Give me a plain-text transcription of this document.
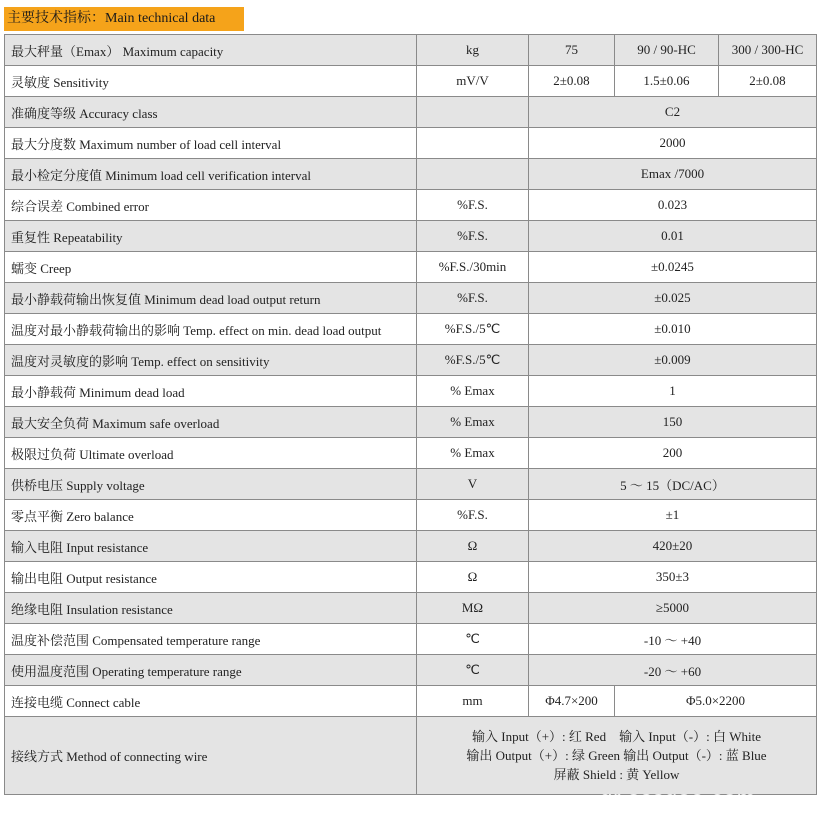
主要技术指标：Main technical data
最大秤量（Emax） Maximum capacity	kg	75	90 / 90-HC	300 / 300-HC
灵敏度 Sensitivity	mV/V	2±0.08	1.5±0.06	2±0.08
准确度等级 Accuracy class		C2		
最大分度数 Maximum number of load cell interval		2000		
最小检定分度值 Minimum load cell verification interval		Emax /7000		
综合误差 Combined error	%F.S.	0.023		
重复性 Repeatability	%F.S.	0.01		
蠕变 Creep	%F.S./30min	±0.0245		
最小静载荷输出恢复值 Minimum dead load output return	%F.S.	±0.025		
温度对最小静载荷输出的影响 Temp. effect on min. dead load output	%F.S./5℃	±0.010		
温度对灵敏度的影响 Temp. effect on sensitivity	%F.S./5℃	±0.009		
最小静载荷 Minimum dead load	% Emax	1		
最大安全负荷 Maximum safe overload	% Emax	150		
极限过负荷 Ultimate overload	% Emax	200		
供桥电压 Supply voltage	V	5 ～ 15（DC/AC）		
零点平衡 Zero balance	%F.S.	±1		
输入电阻 Input resistance	Ω	420±20		
输出电阻 Output resistance	Ω	350±3		
绝缘电阻 Insulation resistance	MΩ	≥5000		
温度补偿范围 Compensated temperature range	℃	-10 ～ +40		
使用温度范围 Operating temperature range	℃	-20 ～ +60		
连接电缆 Connect cable	mm	Φ4.7×200	Φ5.0×2200	
接线方式 Method of connecting wire	输入 Input（+）: 红 Red　输入 Input（-）: 白 White
输出 Output（+）: 绿 Green 输出 Output（-）: 蓝 Blue
屏蔽 Shield : 黄 Yellow			
gr.ossgoo.com
